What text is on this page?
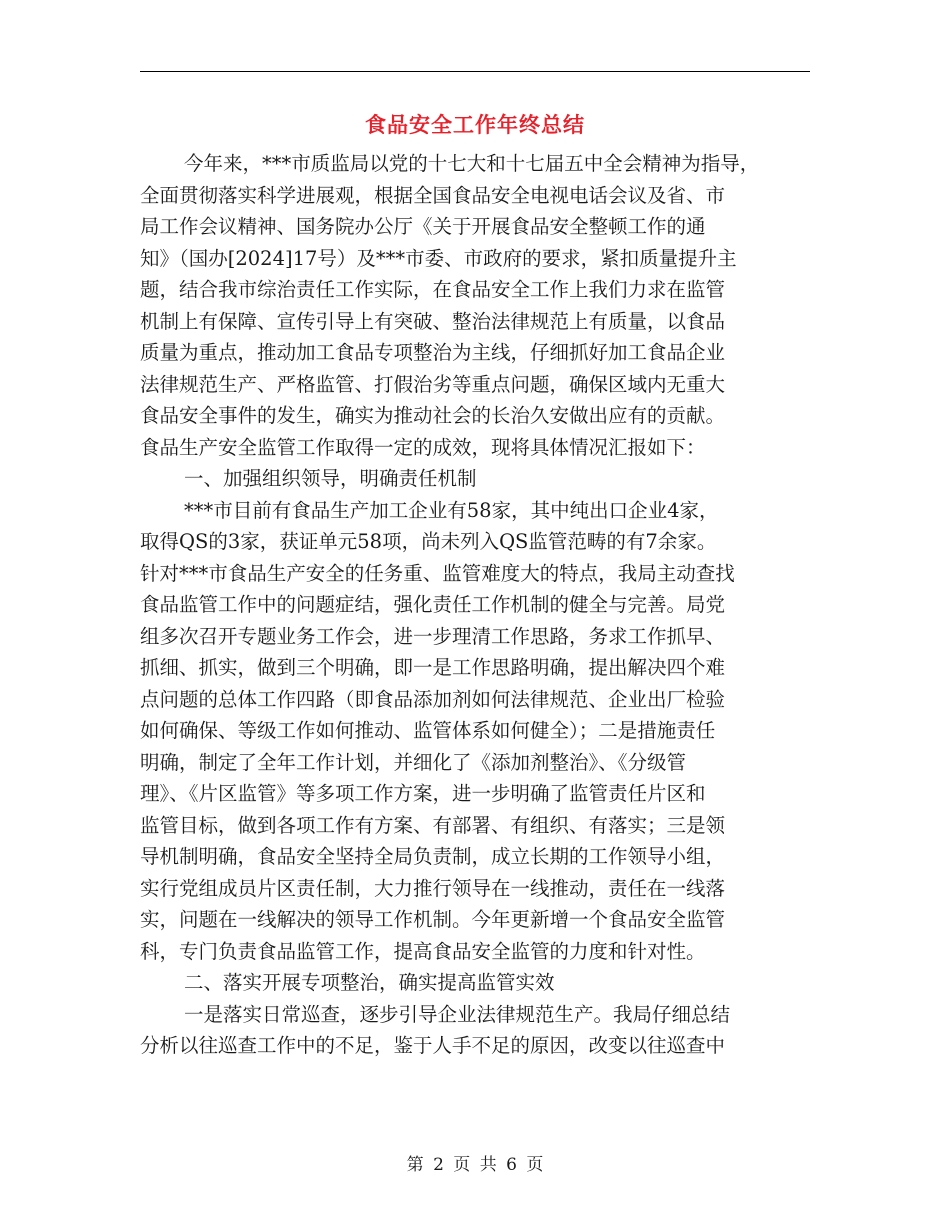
食品安全工作年终总结
今年来，***市质监局以党的十七大和十七届五中全会精神为指导，
全面贯彻落实科学进展观，根据全国食品安全电视电话会议及省、市
局工作会议精神、国务院办公厅《关于开展食品安全整顿工作的通
知》（国办[2024]17号）及***市委、市政府的要求，紧扣质量提升主
题，结合我市综治责任工作实际，在食品安全工作上我们力求在监管
机制上有保障、宣传引导上有突破、整治法律规范上有质量，以食品
质量为重点，推动加工食品专项整治为主线，仔细抓好加工食品企业
法律规范生产、严格监管、打假治劣等重点问题，确保区域内无重大
食品安全事件的发生，确实为推动社会的长治久安做出应有的贡献。
食品生产安全监管工作取得一定的成效，现将具体情况汇报如下：
一、加强组织领导，明确责任机制
***市目前有食品生产加工企业有58家，其中纯出口企业4家，
取得QS的3家，获证单元58项，尚未列入QS监管范畴的有7余家。
针对***市食品生产安全的任务重、监管难度大的特点，我局主动查找
食品监管工作中的问题症结，强化责任工作机制的健全与完善。局党
组多次召开专题业务工作会，进一步理清工作思路，务求工作抓早、
抓细、抓实，做到三个明确，即一是工作思路明确，提出解决四个难
点问题的总体工作四路（即食品添加剂如何法律规范、企业出厂检验
如何确保、等级工作如何推动、监管体系如何健全）；二是措施责任
明确，制定了全年工作计划，并细化了《添加剂整治》、《分级管
理》、《片区监管》等多项工作方案，进一步明确了监管责任片区和
监管目标，做到各项工作有方案、有部署、有组织、有落实；三是领
导机制明确，食品安全坚持全局负责制，成立长期的工作领导小组，
实行党组成员片区责任制，大力推行领导在一线推动，责任在一线落
实，问题在一线解决的领导工作机制。今年更新增一个食品安全监管
科，专门负责食品监管工作，提高食品安全监管的力度和针对性。
二、落实开展专项整治，确实提高监管实效
一是落实日常巡查，逐步引导企业法律规范生产。我局仔细总结
分析以往巡查工作中的不足，鉴于人手不足的原因，改变以往巡查中
第 2 页 共 6 页
